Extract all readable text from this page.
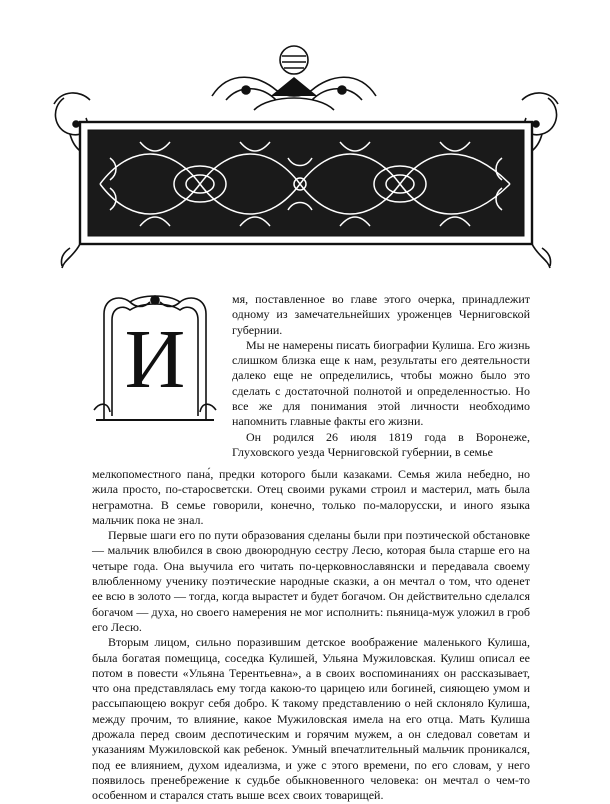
И

мя, поставленное во главе этого очерка, принадлежит одному из замечательнейших уроженцев Черниговской губернии.

Мы не намерены писать биографии Кулиша. Его жизнь слишком близка еще к нам, результаты его деятельности далеко еще не определились, чтобы можно было это сделать с достаточной полнотой и определенностью. Но все же для понимания этой личности необходимо напомнить главные факты его жизни.

Он родился 26 июля 1819 года в Воронеже, Глуховского уезда Черниговской губернии, в семье

мелкопоместного пана́, предки которого были казаками. Семья жила небедно, но жила просто, по-старосветски. Отец своими руками строил и мастерил, мать была неграмотна. В семье говорили, конечно, только по-малорусски, и иного языка мальчик пока не знал.

Первые шаги его по пути образования сделаны были при поэтической обстановке — мальчик влюбился в свою двоюродную сестру Лесю, которая была старше его на четыре года. Она выучила его читать по-церковнославянски и передавала своему влюбленному ученику поэтические народные сказки, а он мечтал о том, что оденет ее всю в золото — тогда, когда вырастет и будет богачом. Он действительно сделался богачом — духа, но своего намерения не мог исполнить: пьяница-муж уложил в гроб его Лесю.

Вторым лицом, сильно поразившим детское воображение маленького Кулиша, была богатая помещица, соседка Кулишей, Ульяна Мужиловская. Кулиш описал ее потом в повести «Ульяна Терентьевна», а в своих воспоминаниях он рассказывает, что она представлялась ему тогда какою-то царицею или богиней, сияющею умом и рассыпающею вокруг себя добро. К такому представлению о ней склоняло Кулиша, между прочим, то влияние, какое Мужиловская имела на его отца. Мать Кулиша дрожала перед своим деспотическим и горячим мужем, а он следовал советам и указаниям Мужиловской как ребенок. Умный впечатлительный мальчик проникался, под ее влиянием, духом идеализма, и уже с этого времени, по его словам, у него появилось пренебрежение к судьбе обыкновенного человека: он мечтал о чем-то особенном и старался стать выше всех своих товарищей.
